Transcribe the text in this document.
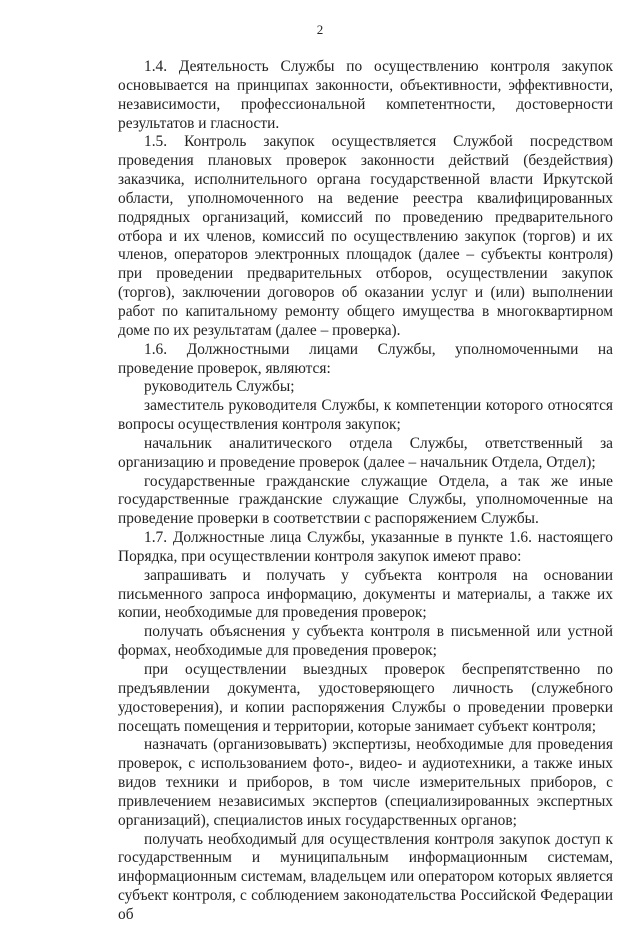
2

1.4. Деятельность Службы по осуществлению контроля закупок основывается на принципах законности, объективности, эффективности, независимости, профессиональной компетентности, достоверности результатов и гласности.

1.5. Контроль закупок осуществляется Службой посредством проведения плановых проверок законности действий (бездействия) заказчика, исполнительного органа государственной власти Иркутской области, уполномоченного на ведение реестра квалифицированных подрядных организаций, комиссий по проведению предварительного отбора и их членов, комиссий по осуществлению закупок (торгов) и их членов, операторов электронных площадок (далее – субъекты контроля) при проведении предварительных отборов, осуществлении закупок (торгов), заключении договоров об оказании услуг и (или) выполнении работ по капитальному ремонту общего имущества в многоквартирном доме по их результатам (далее – проверка).

1.6. Должностными лицами Службы, уполномоченными на проведение проверок, являются:

руководитель Службы;

заместитель руководителя Службы, к компетенции которого относятся вопросы осуществления контроля закупок;

начальник аналитического отдела Службы, ответственный за организацию и проведение проверок (далее – начальник Отдела, Отдел);

государственные гражданские служащие Отдела, а так же иные государственные гражданские служащие Службы, уполномоченные на проведение проверки в соответствии с распоряжением Службы.

1.7. Должностные лица Службы, указанные в пункте 1.6. настоящего Порядка, при осуществлении контроля закупок имеют право:

запрашивать и получать у субъекта контроля на основании письменного запроса информацию, документы и материалы, а также их копии, необходимые для проведения проверок;

получать объяснения у субъекта контроля в письменной или устной формах, необходимые для проведения проверок;

при осуществлении выездных проверок беспрепятственно по предъявлении документа, удостоверяющего личность (служебного удостоверения), и копии распоряжения Службы о проведении проверки посещать помещения и территории, которые занимает субъект контроля;

назначать (организовывать) экспертизы, необходимые для проведения проверок, с использованием фото-, видео- и аудиотехники, а также иных видов техники и приборов, в том числе измерительных приборов, с привлечением независимых экспертов (специализированных экспертных организаций), специалистов иных государственных органов;

получать необходимый для осуществления контроля закупок доступ к государственным и муниципальным информационным системам, информационным системам, владельцем или оператором которых является субъект контроля, с соблюдением законодательства Российской Федерации об
